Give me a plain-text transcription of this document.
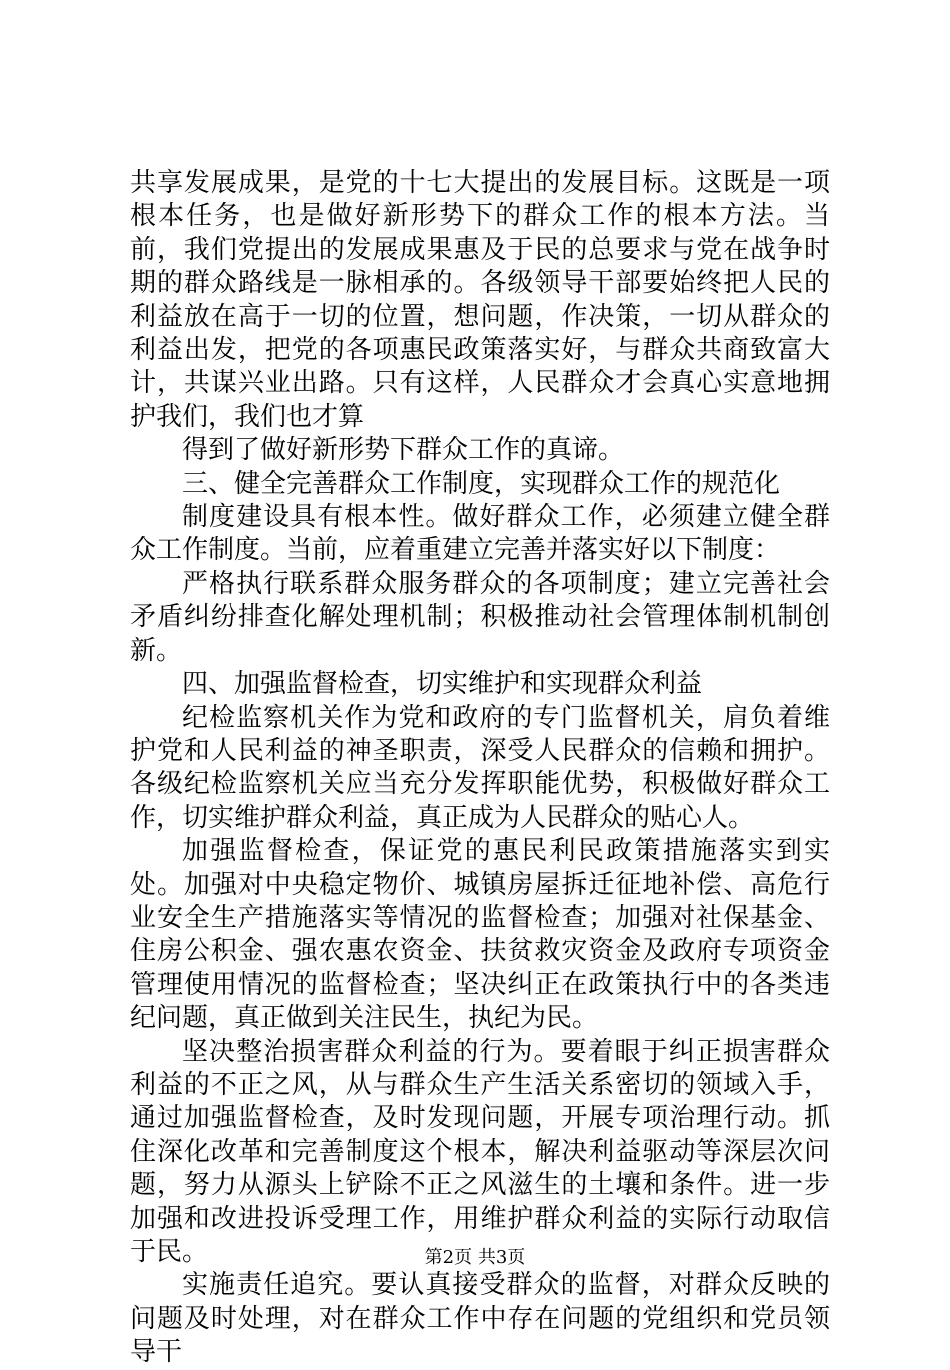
共享发展成果，是党的十七大提出的发展目标。这既是一项根本任务，也是做好新形势下的群众工作的根本方法。当前，我们党提出的发展成果惠及于民的总要求与党在战争时期的群众路线是一脉相承的。各级领导干部要始终把人民的利益放在高于一切的位置，想问题，作决策，一切从群众的利益出发，把党的各项惠民政策落实好，与群众共商致富大计，共谋兴业出路。只有这样，人民群众才会真心实意地拥护我们，我们也才算

得到了做好新形势下群众工作的真谛。

三、健全完善群众工作制度，实现群众工作的规范化

制度建设具有根本性。做好群众工作，必须建立健全群众工作制度。当前，应着重建立完善并落实好以下制度：

严格执行联系群众服务群众的各项制度；建立完善社会矛盾纠纷排查化解处理机制；积极推动社会管理体制机制创新。

四、加强监督检查，切实维护和实现群众利益

纪检监察机关作为党和政府的专门监督机关，肩负着维护党和人民利益的神圣职责，深受人民群众的信赖和拥护。各级纪检监察机关应当充分发挥职能优势，积极做好群众工作，切实维护群众利益，真正成为人民群众的贴心人。

加强监督检查，保证党的惠民利民政策措施落实到实处。加强对中央稳定物价、城镇房屋拆迁征地补偿、高危行业安全生产措施落实等情况的监督检查；加强对社保基金、住房公积金、强农惠农资金、扶贫救灾资金及政府专项资金管理使用情况的监督检查；坚决纠正在政策执行中的各类违纪问题，真正做到关注民生，执纪为民。

坚决整治损害群众利益的行为。要着眼于纠正损害群众利益的不正之风，从与群众生产生活关系密切的领域入手，通过加强监督检查，及时发现问题，开展专项治理行动。抓住深化改革和完善制度这个根本，解决利益驱动等深层次问题，努力从源头上铲除不正之风滋生的土壤和条件。进一步加强和改进投诉受理工作，用维护群众利益的实际行动取信于民。

实施责任追究。要认真接受群众的监督，对群众反映的问题及时处理，对在群众工作中存在问题的党组织和党员领导干

第2页 共3页
